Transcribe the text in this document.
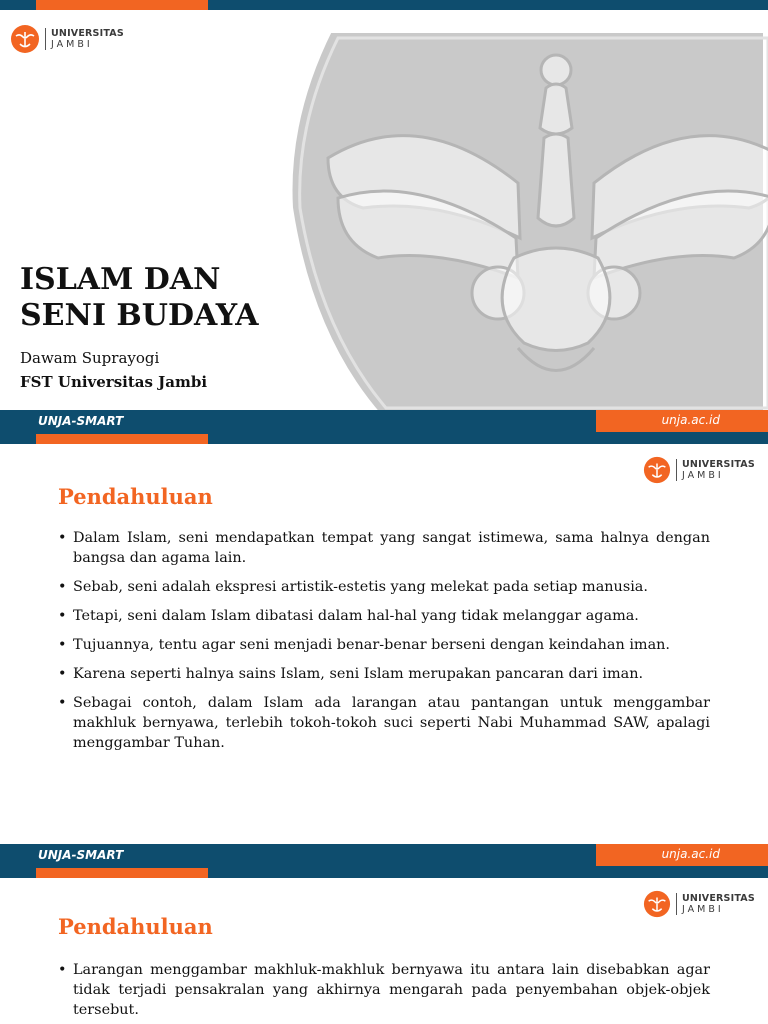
UNIVERSITAS
JAMBI
ISLAM DAN
SENI BUDAYA
Dawam Suprayogi
FST Universitas Jambi
UNJA-SMART	unja.ac.id
UNIVERSITAS
JAMBI
Pendahuluan
• Dalam Islam, seni mendapatkan tempat yang sangat istimewa, sama halnya dengan bangsa dan agama lain.
• Sebab, seni adalah ekspresi artistik-estetis yang melekat pada setiap manusia.
• Tetapi, seni dalam Islam dibatasi dalam hal-hal yang tidak melanggar agama.
• Tujuannya, tentu agar seni menjadi benar-benar berseni dengan keindahan iman.
• Karena seperti halnya sains Islam, seni Islam merupakan pancaran dari iman.
• Sebagai contoh, dalam Islam ada larangan atau pantangan untuk menggambar makhluk bernyawa, terlebih tokoh-tokoh suci seperti Nabi Muhammad SAW, apalagi menggambar Tuhan.
UNJA-SMART	unja.ac.id
UNIVERSITAS
JAMBI
Pendahuluan
• Larangan menggambar makhluk-makhluk bernyawa itu antara lain disebabkan agar tidak terjadi pensakralan yang akhirnya mengarah pada penyembahan objek-objek tersebut.
